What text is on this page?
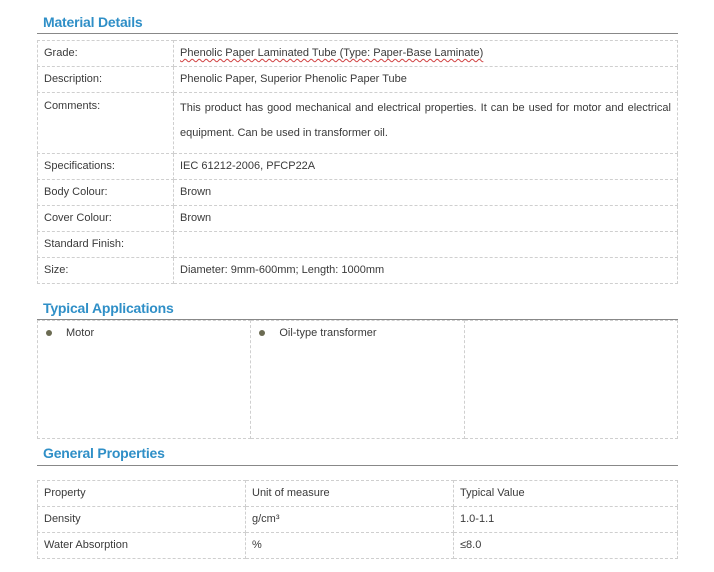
Material Details
Grade:	Phenolic Paper Laminated Tube (Type: Paper-Base Laminate)
Description:	Phenolic Paper, Superior Phenolic Paper Tube
Comments:	This product has good mechanical and electrical properties. It can be used for motor and electrical equipment. Can be used in transformer oil.
Specifications:	IEC 61212-2006, PFCP22A
Body Colour:	Brown
Cover Colour:	Brown
Standard Finish:	
Size:	Diameter: 9mm-600mm; Length: 1000mm
Typical Applications
Motor	Oil-type transformer	
General Properties
Property	Unit of measure	Typical Value
Density	g/cm³	1.0-1.1
Water Absorption	%	≤8.0
